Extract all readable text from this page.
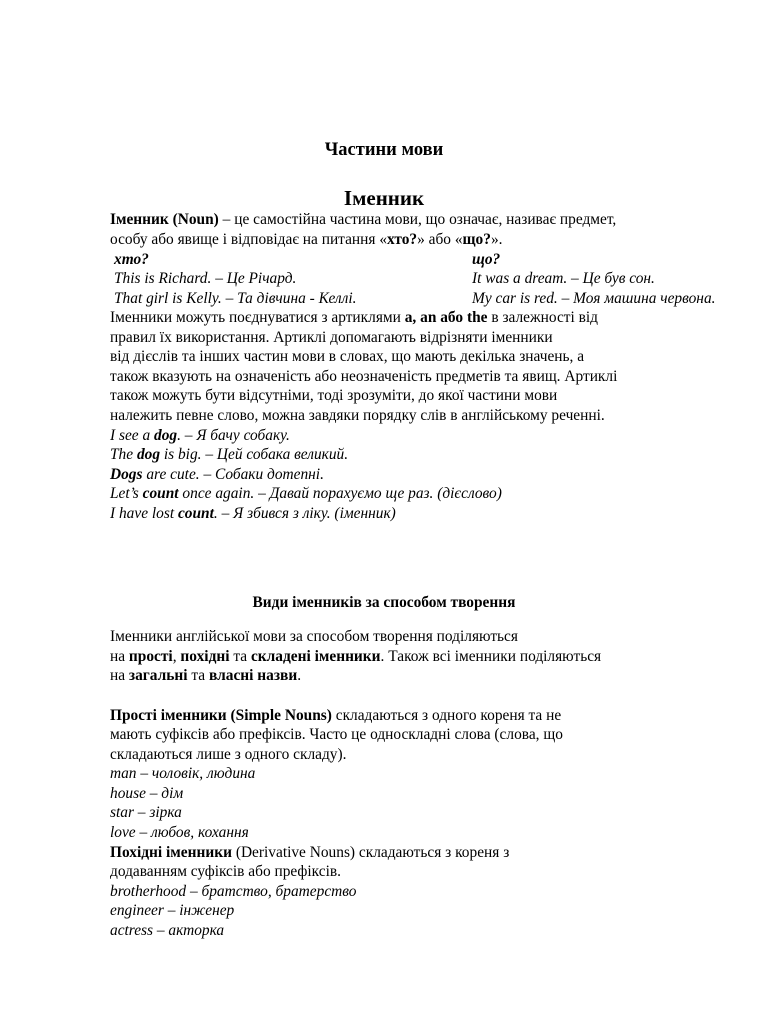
Частини мови
Іменник
Іменник (Noun) – це самостійна частина мови, що означає, називає предмет,
особу або явище і відповідає на питання «хто?» або «що?».
хто?	що?
This is Richard. – Це Річард.	It was a dream. – Це був сон.
That girl is Kelly. – Та дівчина - Келлі.	My car is red. – Моя машина червона.
Іменники можуть поєднуватися з артиклями a, an або the в залежності від
правил їх використання. Артиклі допомагають відрізняти іменники
від дієслів та інших частин мови в словах, що мають декілька значень, а
також вказують на означеність або неозначеність предметів та явищ. Артиклі
також можуть бути відсутніми, тоді зрозуміти, до якої частини мови
належить певне слово, можна завдяки порядку слів в англійському реченні.
I see a dog. – Я бачу собаку.
The dog is big. – Цей собака великий.
Dogs are cute. – Собаки дотепні.
Let’s count once again. – Давай порахуємо ще раз. (дієслово)
I have lost count. – Я збився з ліку. (іменник)
Види іменників за способом творення
Іменники англійської мови за способом творення поділяються
на прості, похідні та складені іменники. Також всі іменники поділяються
на загальні та власні назви.
Прості іменники (Simple Nouns) складаються з одного кореня та не
мають суфіксів або префіксів. Часто це односкладні слова (слова, що
складаються лише з одного складу).
man – чоловік, людина
house – дім
star – зірка
love – любов, кохання
Похідні іменники (Derivative Nouns) складаються з кореня з
додаванням суфіксів або префіксів.
brotherhood – братство, братерство
engineer – інженер
actress – акторка
